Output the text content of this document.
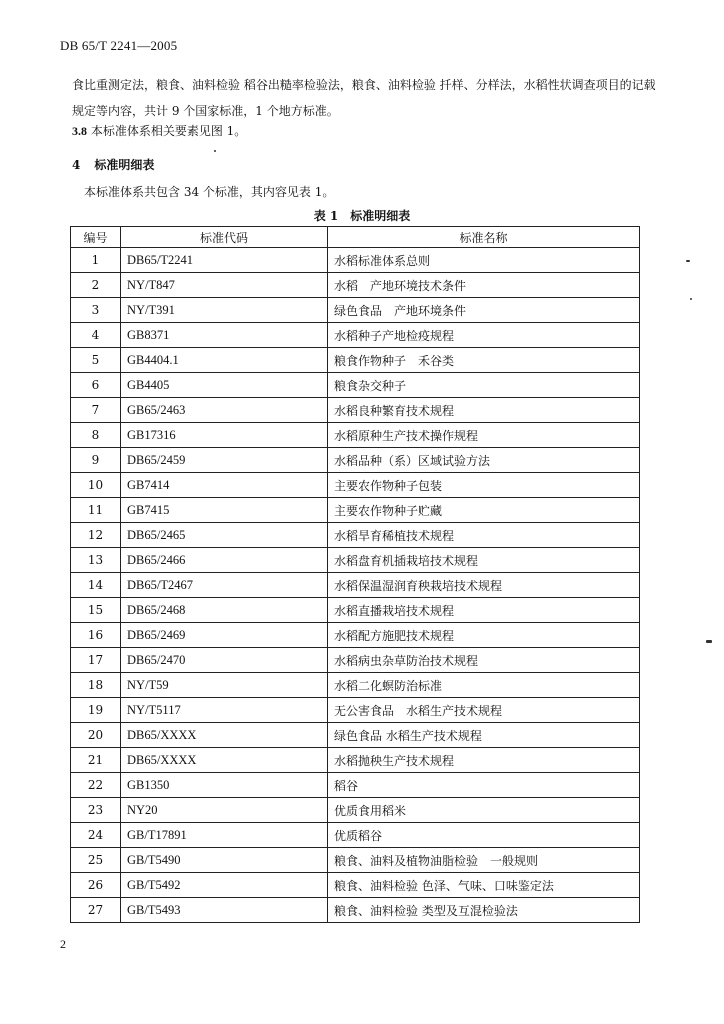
DB 65/T 2241—2005
食比重测定法，粮食、油料检验 稻谷出糙率检验法，粮食、油料检验 扦样、分样法，水稻性状调查项目的记载规定等内容，共计 9 个国家标准，1 个地方标准。
3.8 本标准体系相关要素见图 1。
4 标准明细表
本标准体系共包含 34 个标准，其内容见表 1。
表 1　标准明细表
编号	标准代码	标准名称
1	DB65/T2241	水稻标准体系总则
2	NY/T847	水稻　产地环境技术条件
3	NY/T391	绿色食品　产地环境条件
4	GB8371	水稻种子产地检疫规程
5	GB4404.1	粮食作物种子　禾谷类
6	GB4405	粮食杂交种子
7	GB65/2463	水稻良种繁育技术规程
8	GB17316	水稻原种生产技术操作规程
9	DB65/2459	水稻品种（系）区域试验方法
10	GB7414	主要农作物种子包装
11	GB7415	主要农作物种子贮藏
12	DB65/2465	水稻旱育稀植技术规程
13	DB65/2466	水稻盘育机插栽培技术规程
14	DB65/T2467	水稻保温湿润育秧栽培技术规程
15	DB65/2468	水稻直播栽培技术规程
16	DB65/2469	水稻配方施肥技术规程
17	DB65/2470	水稻病虫杂草防治技术规程
18	NY/T59	水稻二化螟防治标准
19	NY/T5117	无公害食品　水稻生产技术规程
20	DB65/XXXX	绿色食品 水稻生产技术规程
21	DB65/XXXX	水稻抛秧生产技术规程
22	GB1350	稻谷
23	NY20	优质食用稻米
24	GB/T17891	优质稻谷
25	GB/T5490	粮食、油料及植物油脂检验　一般规则
26	GB/T5492	粮食、油料检验 色泽、气味、口味鉴定法
27	GB/T5493	粮食、油料检验 类型及互混检验法
2
